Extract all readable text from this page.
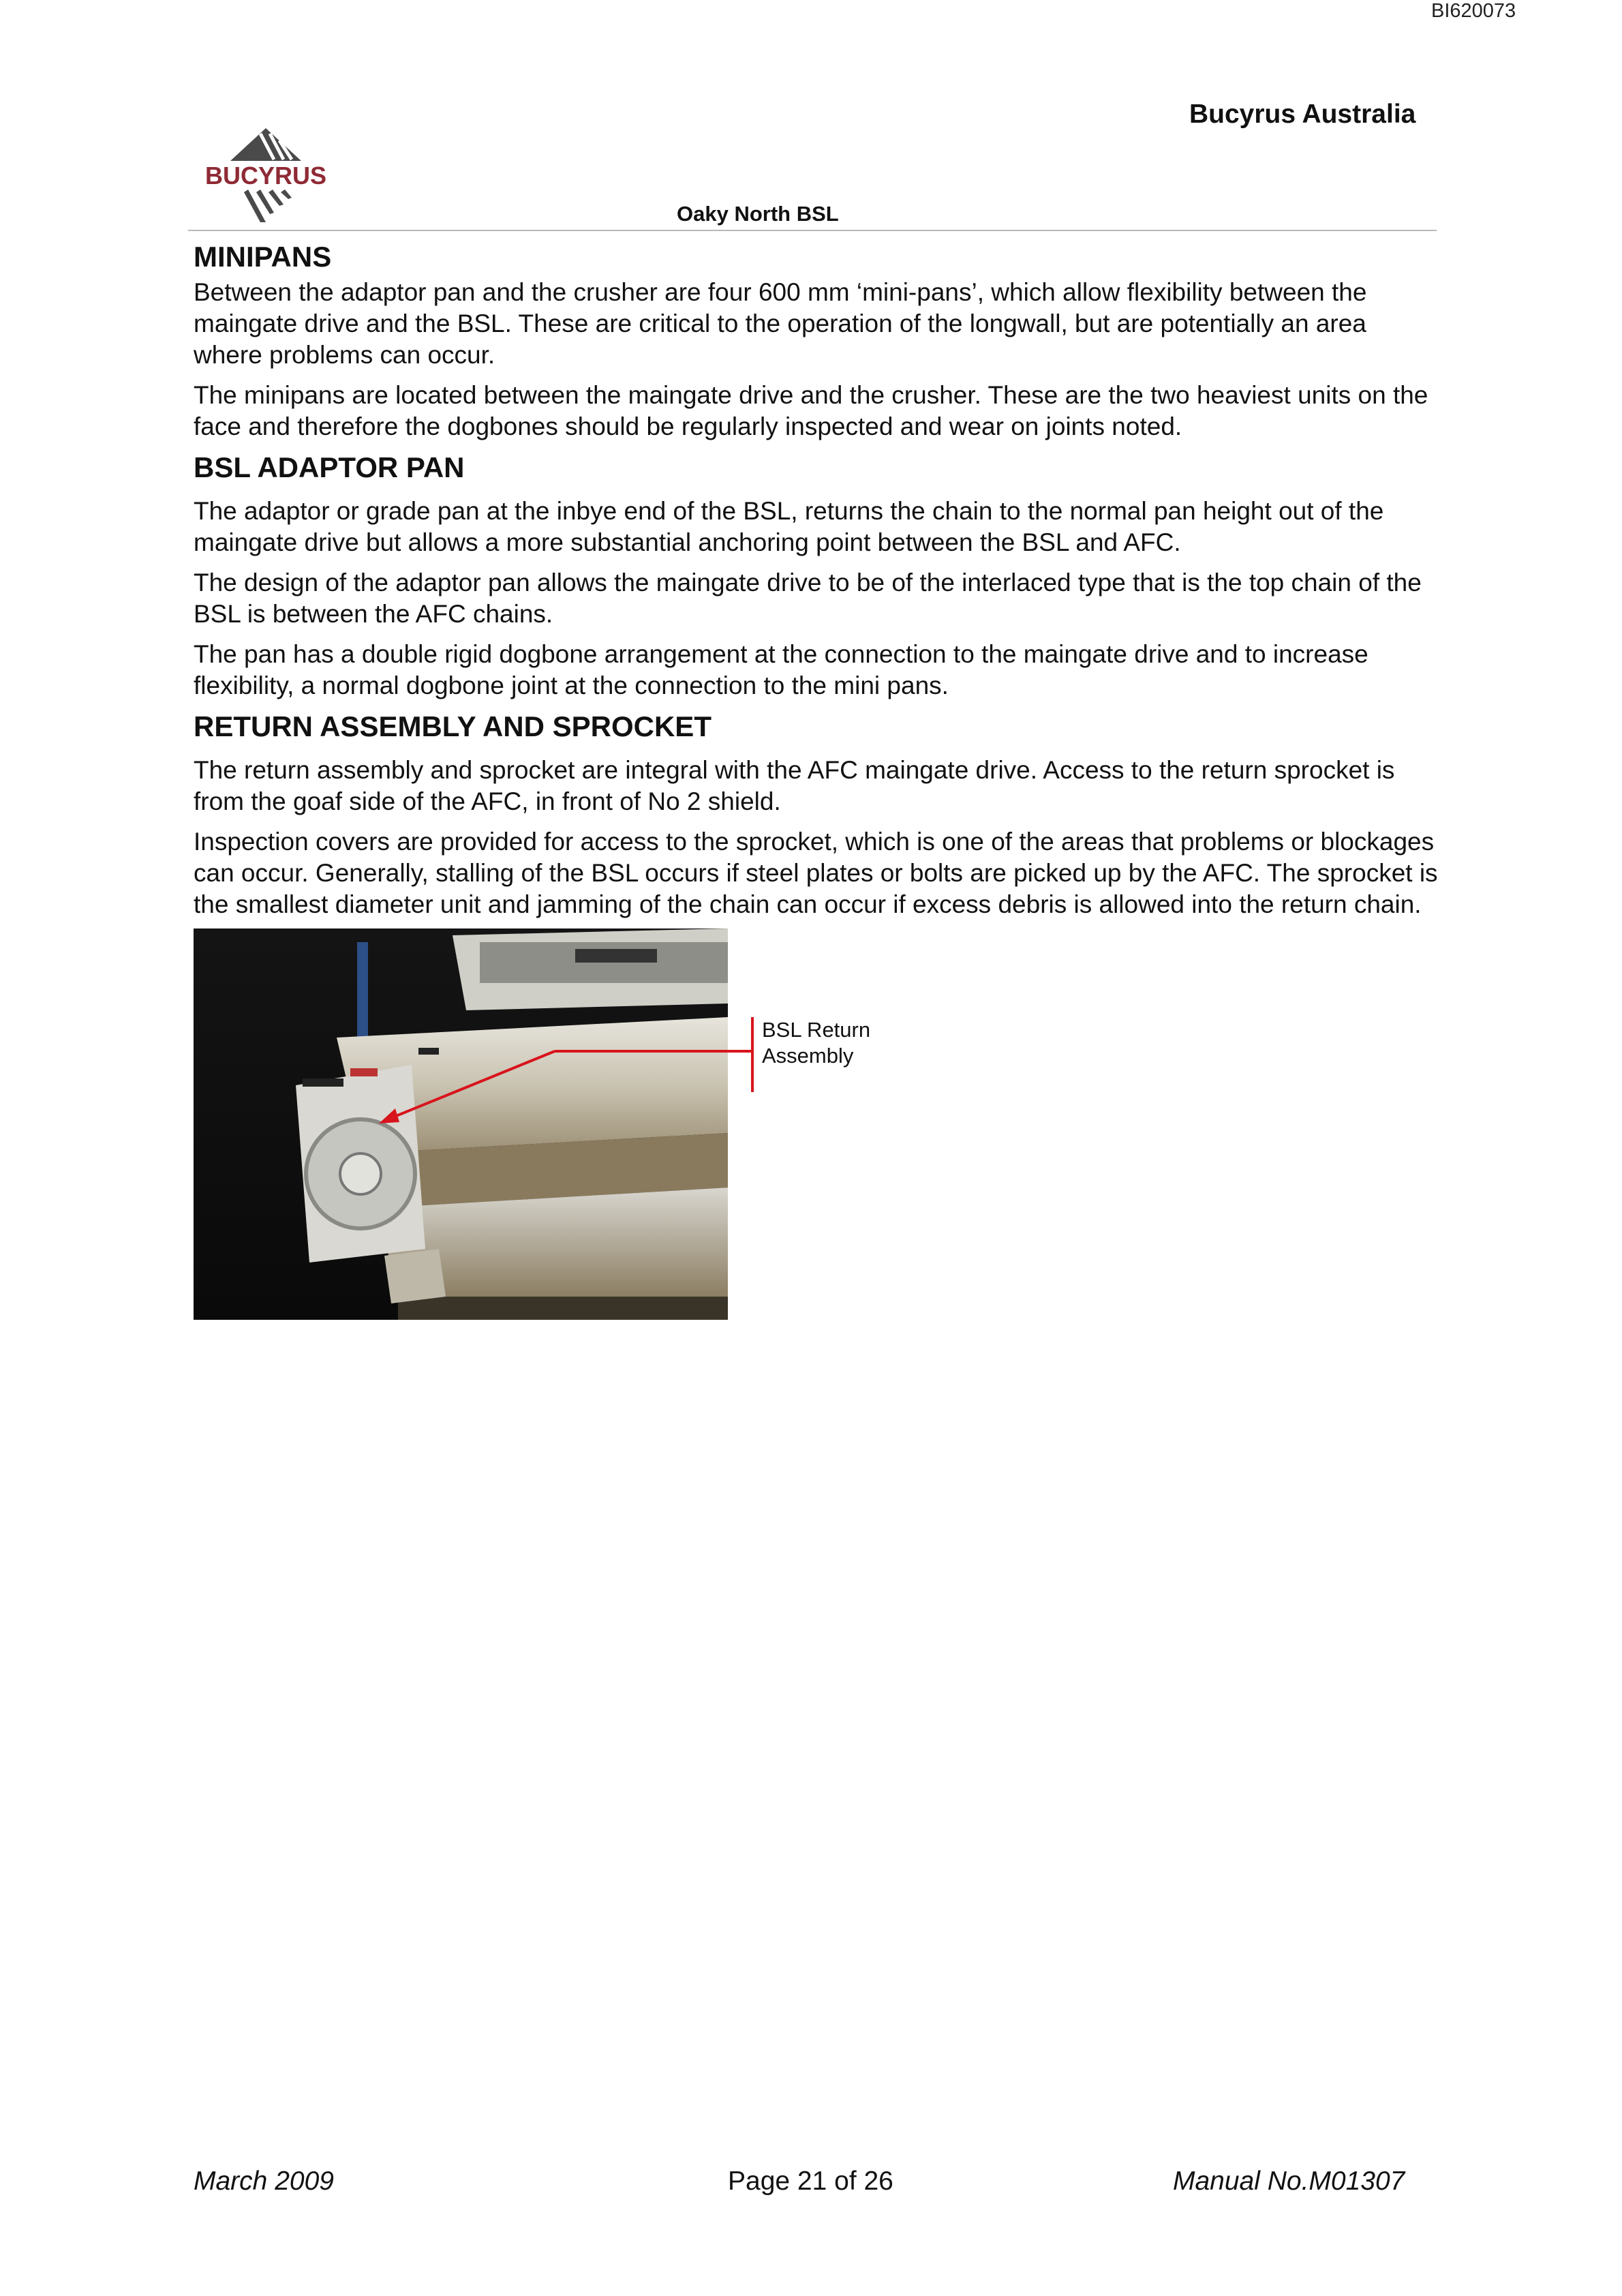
BI620073
Bucyrus Australia
BUCYRUS
Oaky North BSL
MINIPANS

Between the adaptor pan and the crusher are four 600 mm ‘mini-pans’, which allow flexibility between the maingate drive and the BSL. These are critical to the operation of the longwall, but are potentially an area where problems can occur.

The minipans are located between the maingate drive and the crusher. These are the two heaviest units on the face and therefore the dogbones should be regularly inspected and wear on joints noted.

BSL ADAPTOR PAN

The adaptor or grade pan at the inbye end of the BSL, returns the chain to the normal pan height out of the maingate drive but allows a more substantial anchoring point between the BSL and AFC.

The design of the adaptor pan allows the maingate drive to be of the interlaced type that is the top chain of the BSL is between the AFC chains.

The pan has a double rigid dogbone arrangement at the connection to the maingate drive and to increase flexibility, a normal dogbone joint at the connection to the mini pans.

RETURN ASSEMBLY AND SPROCKET

The return assembly and sprocket are integral with the AFC maingate drive. Access to the return sprocket is from the goaf side of the AFC, in front of No 2 shield.

Inspection covers are provided for access to the sprocket, which is one of the areas that problems or blockages can occur. Generally, stalling of the BSL occurs if steel plates or bolts are picked up by the AFC. The sprocket is the smallest diameter unit and jamming of the chain can occur if excess debris is allowed into the return chain.

BSL Return Assembly
March 2009	Page 21 of 26	Manual No.M01307
